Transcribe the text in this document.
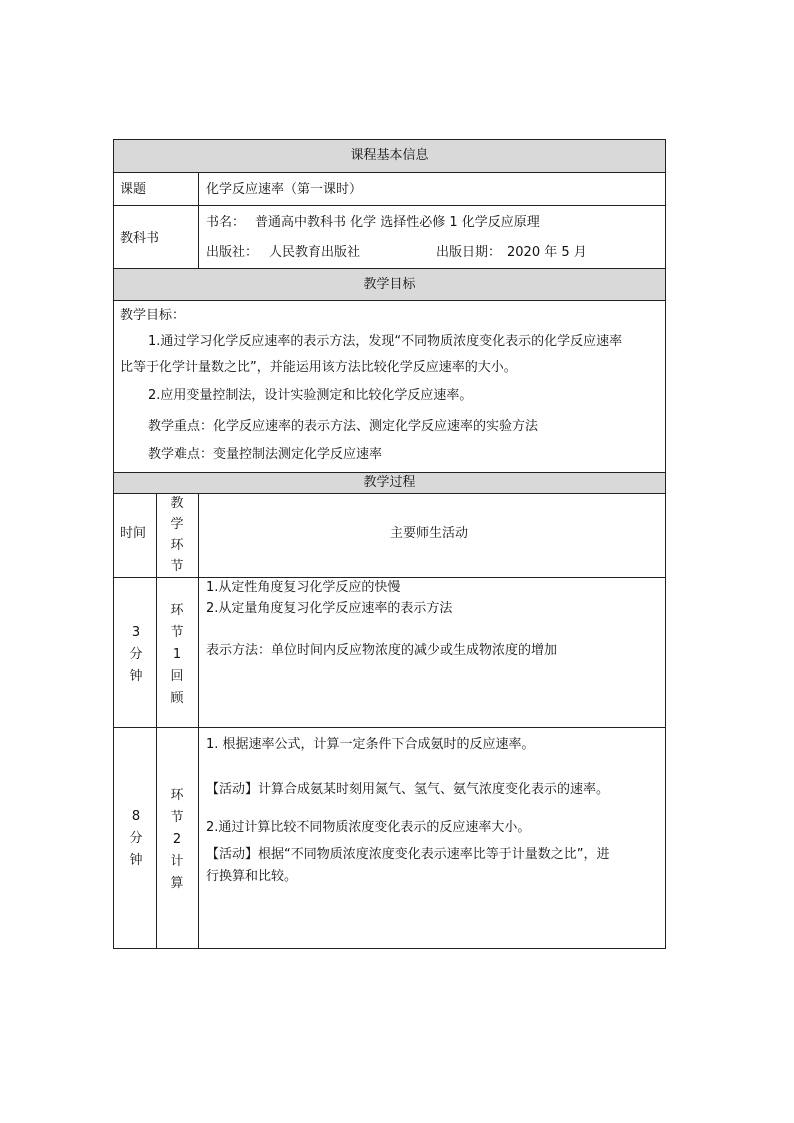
课程基本信息
课题	化学反应速率（第一课时）
教科书
书名： 普通高中教科书 化学 选择性必修 1 化学反应原理
出版社： 人民教育出版社	出版日期： 2020 年 5 月
教学目标
教学目标：
1.通过学习化学反应速率的表示方法，发现“不同物质浓度变化表示的化学反应速率
比等于化学计量数之比”，并能运用该方法比较化学反应速率的大小。
2.应用变量控制法，设计实验测定和比较化学反应速率。
教学重点：化学反应速率的表示方法、测定化学反应速率的实验方法
教学难点：变量控制法测定化学反应速率
教学过程
时间
教
学
环
节
主要师生活动
3
分
钟
环
节
1
回
顾
1.从定性角度复习化学反应的快慢
2.从定量角度复习化学反应速率的表示方法
表示方法：单位时间内反应物浓度的减少或生成物浓度的增加
8
分
钟
环
节
2
计
算
1. 根据速率公式，计算一定条件下合成氨时的反应速率。
【活动】计算合成氨某时刻用氮气、氢气、氨气浓度变化表示的速率。
2.通过计算比较不同物质浓度变化表示的反应速率大小。
【活动】根据“不同物质浓度浓度变化表示速率比等于计量数之比”，进
行换算和比较。
